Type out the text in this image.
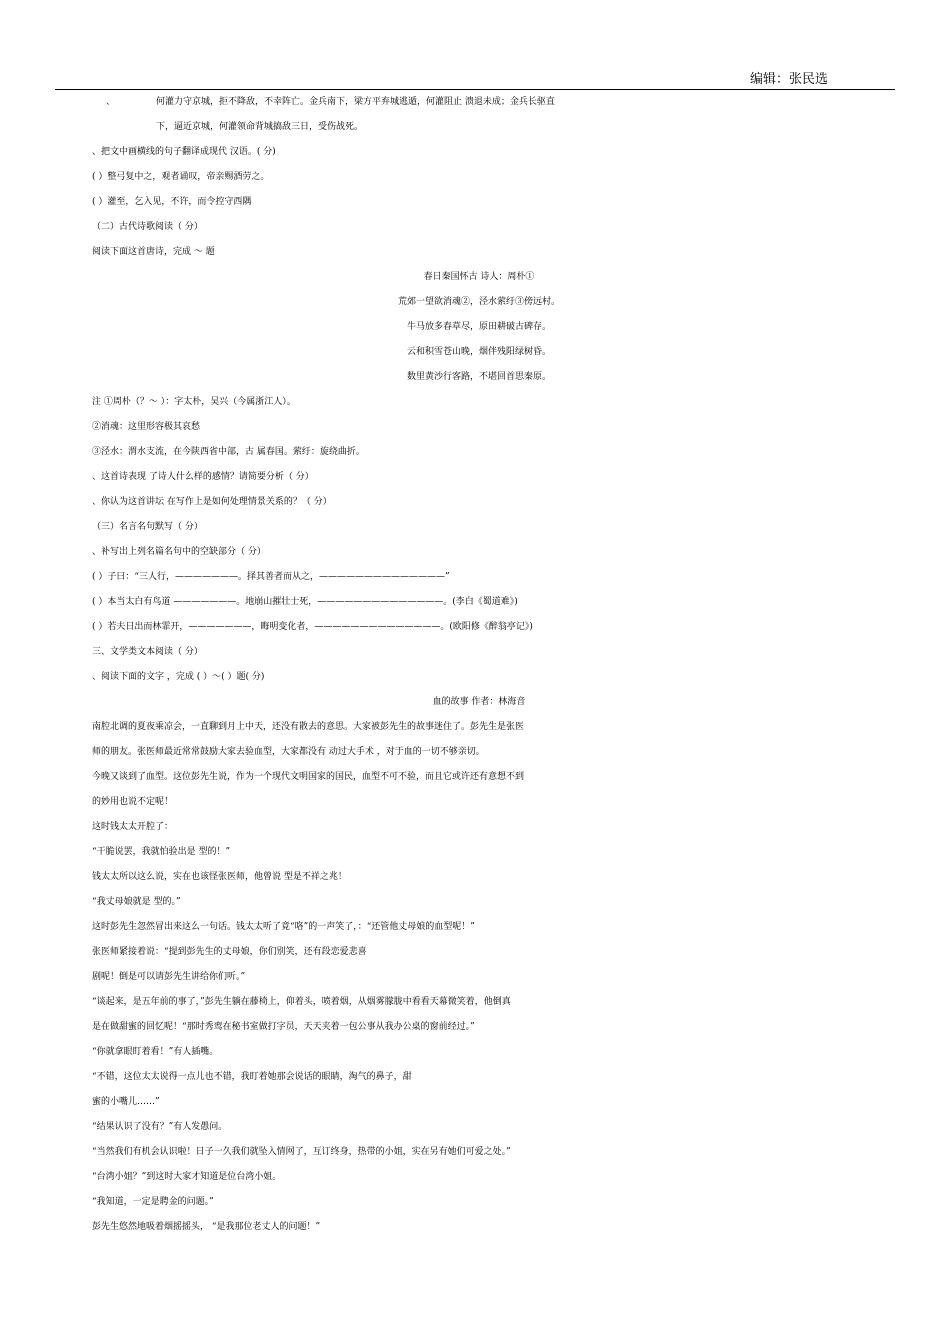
编辑：张民选
、	何灌力守京城，拒不降敌，不幸阵亡。金兵南下，梁方平弃城逃遁，何灌阻止 溃退未成；金兵长驱直
下，逼近京城，何灌领命背城搞敌三日，受伤战死。
、把文中画横线的句子翻译成现代 汉语。( 分)
( ）整弓复中之，观者诵叹，帝亲赐酒劳之。
( ）灌至，乞入见，不许，而令控守西隅
（二）古代诗歌阅读（ 分）
阅读下面这首唐诗，完成 ～ 题
春日秦国怀古 诗人：周朴①
荒郊一望欲消魂②，泾水萦纡③傍远村。
牛马放多春草尽，原田耕破古碑存。
云和积雪苍山晚，烟伴残阳绿树昏。
数里黄沙行客路，不堪回首思秦原。
注 ①周朴（？～ ）：字太朴，吴兴（今属浙江人）。
②消魂：这里形容极其哀愁
③泾水：渭水支流，在今陕西省中部，古 属春国。萦纡：旋绕曲折。
、这首诗表现 了诗人什么样的感情？请简要分析（ 分）
、你认为这首讲坛 在写作上是如何处理情景关系的？（ 分）
（三）名言名句默写（ 分）
、补写出上列名篇名句中的空缺部分（ 分）
( ）子曰：“三人行，———————。择其善者而从之，——————————————”
( ）本当太白有鸟道 ———————。地崩山摧壮士死，——————————————。(李白《蜀道难》)
( ）若夫日出而林霏开，———————，晦明变化者，——————————————。(欧阳修《醉翁亭记》)
三、文学类文本阅读（ 分）
、阅读下面的文字 ，完成 ( ）～( ）题( 分)
血的故事 作者：林海音
南腔北调的夏夜乘凉会，一直聊到月上中天，还没有散去的意思。大家被彭先生的故事迷住了。彭先生是张医
师的朋友。张医师最近常常鼓励大家去验血型，大家都没有 动过大手术 ，对于血的一切不够亲切。
今晚又谈到了血型。这位彭先生说，作为一个现代文明国家的国民，血型不可不验，而且它或许还有意想不到
的妙用也说不定呢！
这时钱太太开腔了：
“干脆说罢，我就怕验出是 型的！”
钱太太所以这么说，实在也该怪张医师，他曾说 型是不祥之兆！
“我丈母娘就是 型的。”
这时彭先生忽然冒出来这么一句话。钱太太听了竟“咯”的一声笑了，：“还管他丈母娘的血型呢！”
张医师紧接着说：“提到彭先生的丈母娘，你们别笑，还有段恋爱悲喜
剧呢！倒是可以请彭先生讲给你们听。”
“谈起来，是五年前的事了，”彭先生躺在藤椅上，仰着头，喷着烟，从烟雾朦胧中看看天幕微笑着，他倒真
是在做甜蜜的回忆呢！“那时秀鸾在秘书室做打字员，天天夹着一包公事从我办公桌的窗前经过。”
“你就拿眼盯着看！”有人插嘴。
“不错，这位太太说得一点儿也不错，我盯着她那会说话的眼睛，淘气的鼻子，甜
蜜的小嘴儿……”
“结果认识了没有？”有人发愚问。
“当然我们有机会认识啦！日子一久我们就坠入情网了，互订终身，热带的小姐，实在另有她们可爱之处。”
“台湾小姐？”到这时大家才知道是位台湾小姐。
“我知道，一定是聘金的问题。”
彭先生悠然地吸着烟摇摇头， “是我那位老丈人的问题！”
